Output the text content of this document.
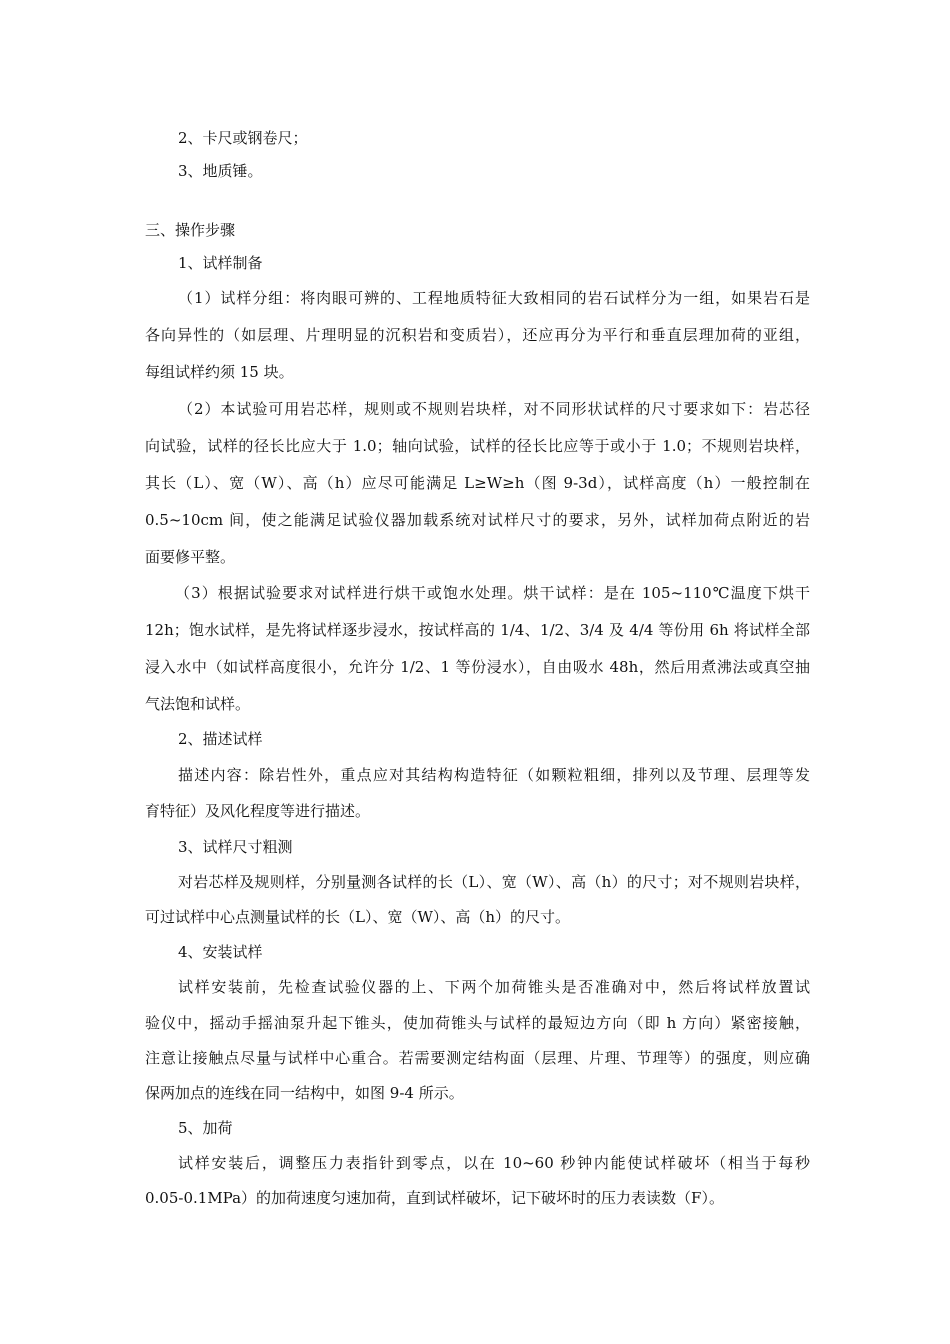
2、卡尺或钢卷尺；
3、地质锤。
三、操作步骤
1、试样制备
（1）试样分组：将肉眼可辨的、工程地质特征大致相同的岩石试样分为一组，如果岩石是
各向异性的（如层理、片理明显的沉积岩和变质岩），还应再分为平行和垂直层理加荷的亚组，
每组试样约须 15 块。
（2）本试验可用岩芯样，规则或不规则岩块样，对不同形状试样的尺寸要求如下：岩芯径
向试验，试样的径长比应大于 1.0；轴向试验，试样的径长比应等于或小于 1.0；不规则岩块样，
其长（L）、宽（W）、高（h）应尽可能满足 L≥W≥h（图 9-3d），试样高度（h）一般控制在
0.5~10cm 间，使之能满足试验仪器加载系统对试样尺寸的要求，另外，试样加荷点附近的岩
面要修平整。
（3）根据试验要求对试样进行烘干或饱水处理。烘干试样：是在 105~110℃温度下烘干
12h；饱水试样，是先将试样逐步浸水，按试样高的 1/4、1/2、3/4 及 4/4 等份用 6h 将试样全部
浸入水中（如试样高度很小，允许分 1/2、1 等份浸水），自由吸水 48h，然后用煮沸法或真空抽
气法饱和试样。
2、描述试样
描述内容：除岩性外，重点应对其结构构造特征（如颗粒粗细，排列以及节理、层理等发
育特征）及风化程度等进行描述。
3、试样尺寸粗测
对岩芯样及规则样，分别量测各试样的长（L）、宽（W）、高（h）的尺寸；对不规则岩块样，
可过试样中心点测量试样的长（L）、宽（W）、高（h）的尺寸。
4、安装试样
试样安装前，先检查试验仪器的上、下两个加荷锥头是否准确对中，然后将试样放置试
验仪中，摇动手摇油泵升起下锥头，使加荷锥头与试样的最短边方向（即 h 方向）紧密接触，
注意让接触点尽量与试样中心重合。若需要测定结构面（层理、片理、节理等）的强度，则应确
保两加点的连线在同一结构中，如图 9-4 所示。
5、加荷
试样安装后，调整压力表指针到零点，以在 10~60 秒钟内能使试样破坏（相当于每秒
0.05-0.1MPa）的加荷速度匀速加荷，直到试样破坏，记下破坏时的压力表读数（F）。
